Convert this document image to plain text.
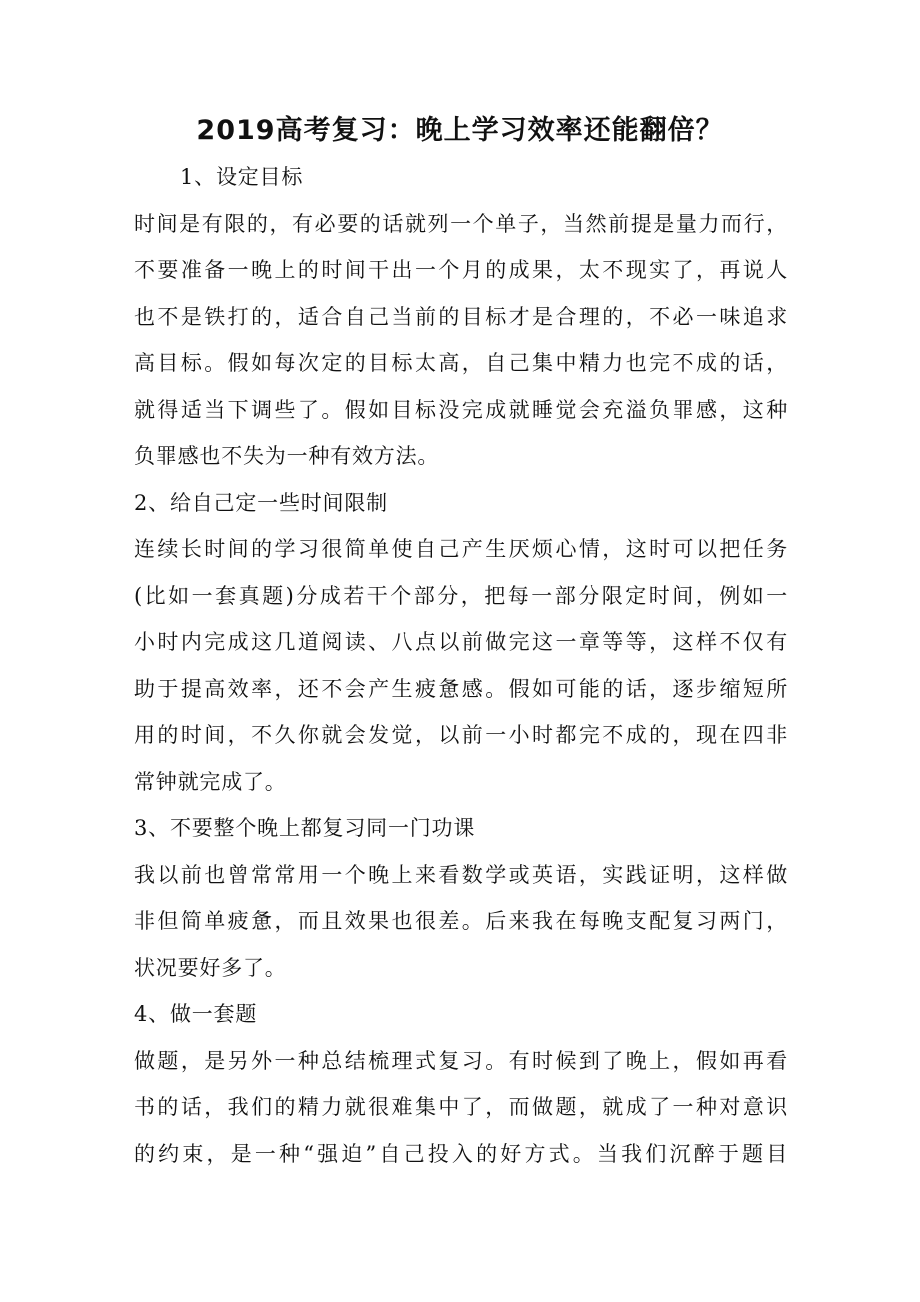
2019高考复习：晚上学习效率还能翻倍？
1、设定目标
时间是有限的，有必要的话就列一个单子，当然前提是量力而行，
不要准备一晚上的时间干出一个月的成果，太不现实了，再说人
也不是铁打的，适合自己当前的目标才是合理的，不必一味追求
高目标。假如每次定的目标太高，自己集中精力也完不成的话，
就得适当下调些了。假如目标没完成就睡觉会充溢负罪感，这种
负罪感也不失为一种有效方法。
2、给自己定一些时间限制
连续长时间的学习很简单使自己产生厌烦心情，这时可以把任务
(比如一套真题)分成若干个部分，把每一部分限定时间，例如一
小时内完成这几道阅读、八点以前做完这一章等等，这样不仅有
助于提高效率，还不会产生疲惫感。假如可能的话，逐步缩短所
用的时间，不久你就会发觉，以前一小时都完不成的，现在四非
常钟就完成了。
3、不要整个晚上都复习同一门功课
我以前也曾常常用一个晚上来看数学或英语，实践证明，这样做
非但简单疲惫，而且效果也很差。后来我在每晚支配复习两门，
状况要好多了。
4、做一套题
做题，是另外一种总结梳理式复习。有时候到了晚上，假如再看
书的话，我们的精力就很难集中了，而做题，就成了一种对意识
的约束，是一种“强迫”自己投入的好方式。当我们沉醉于题目
